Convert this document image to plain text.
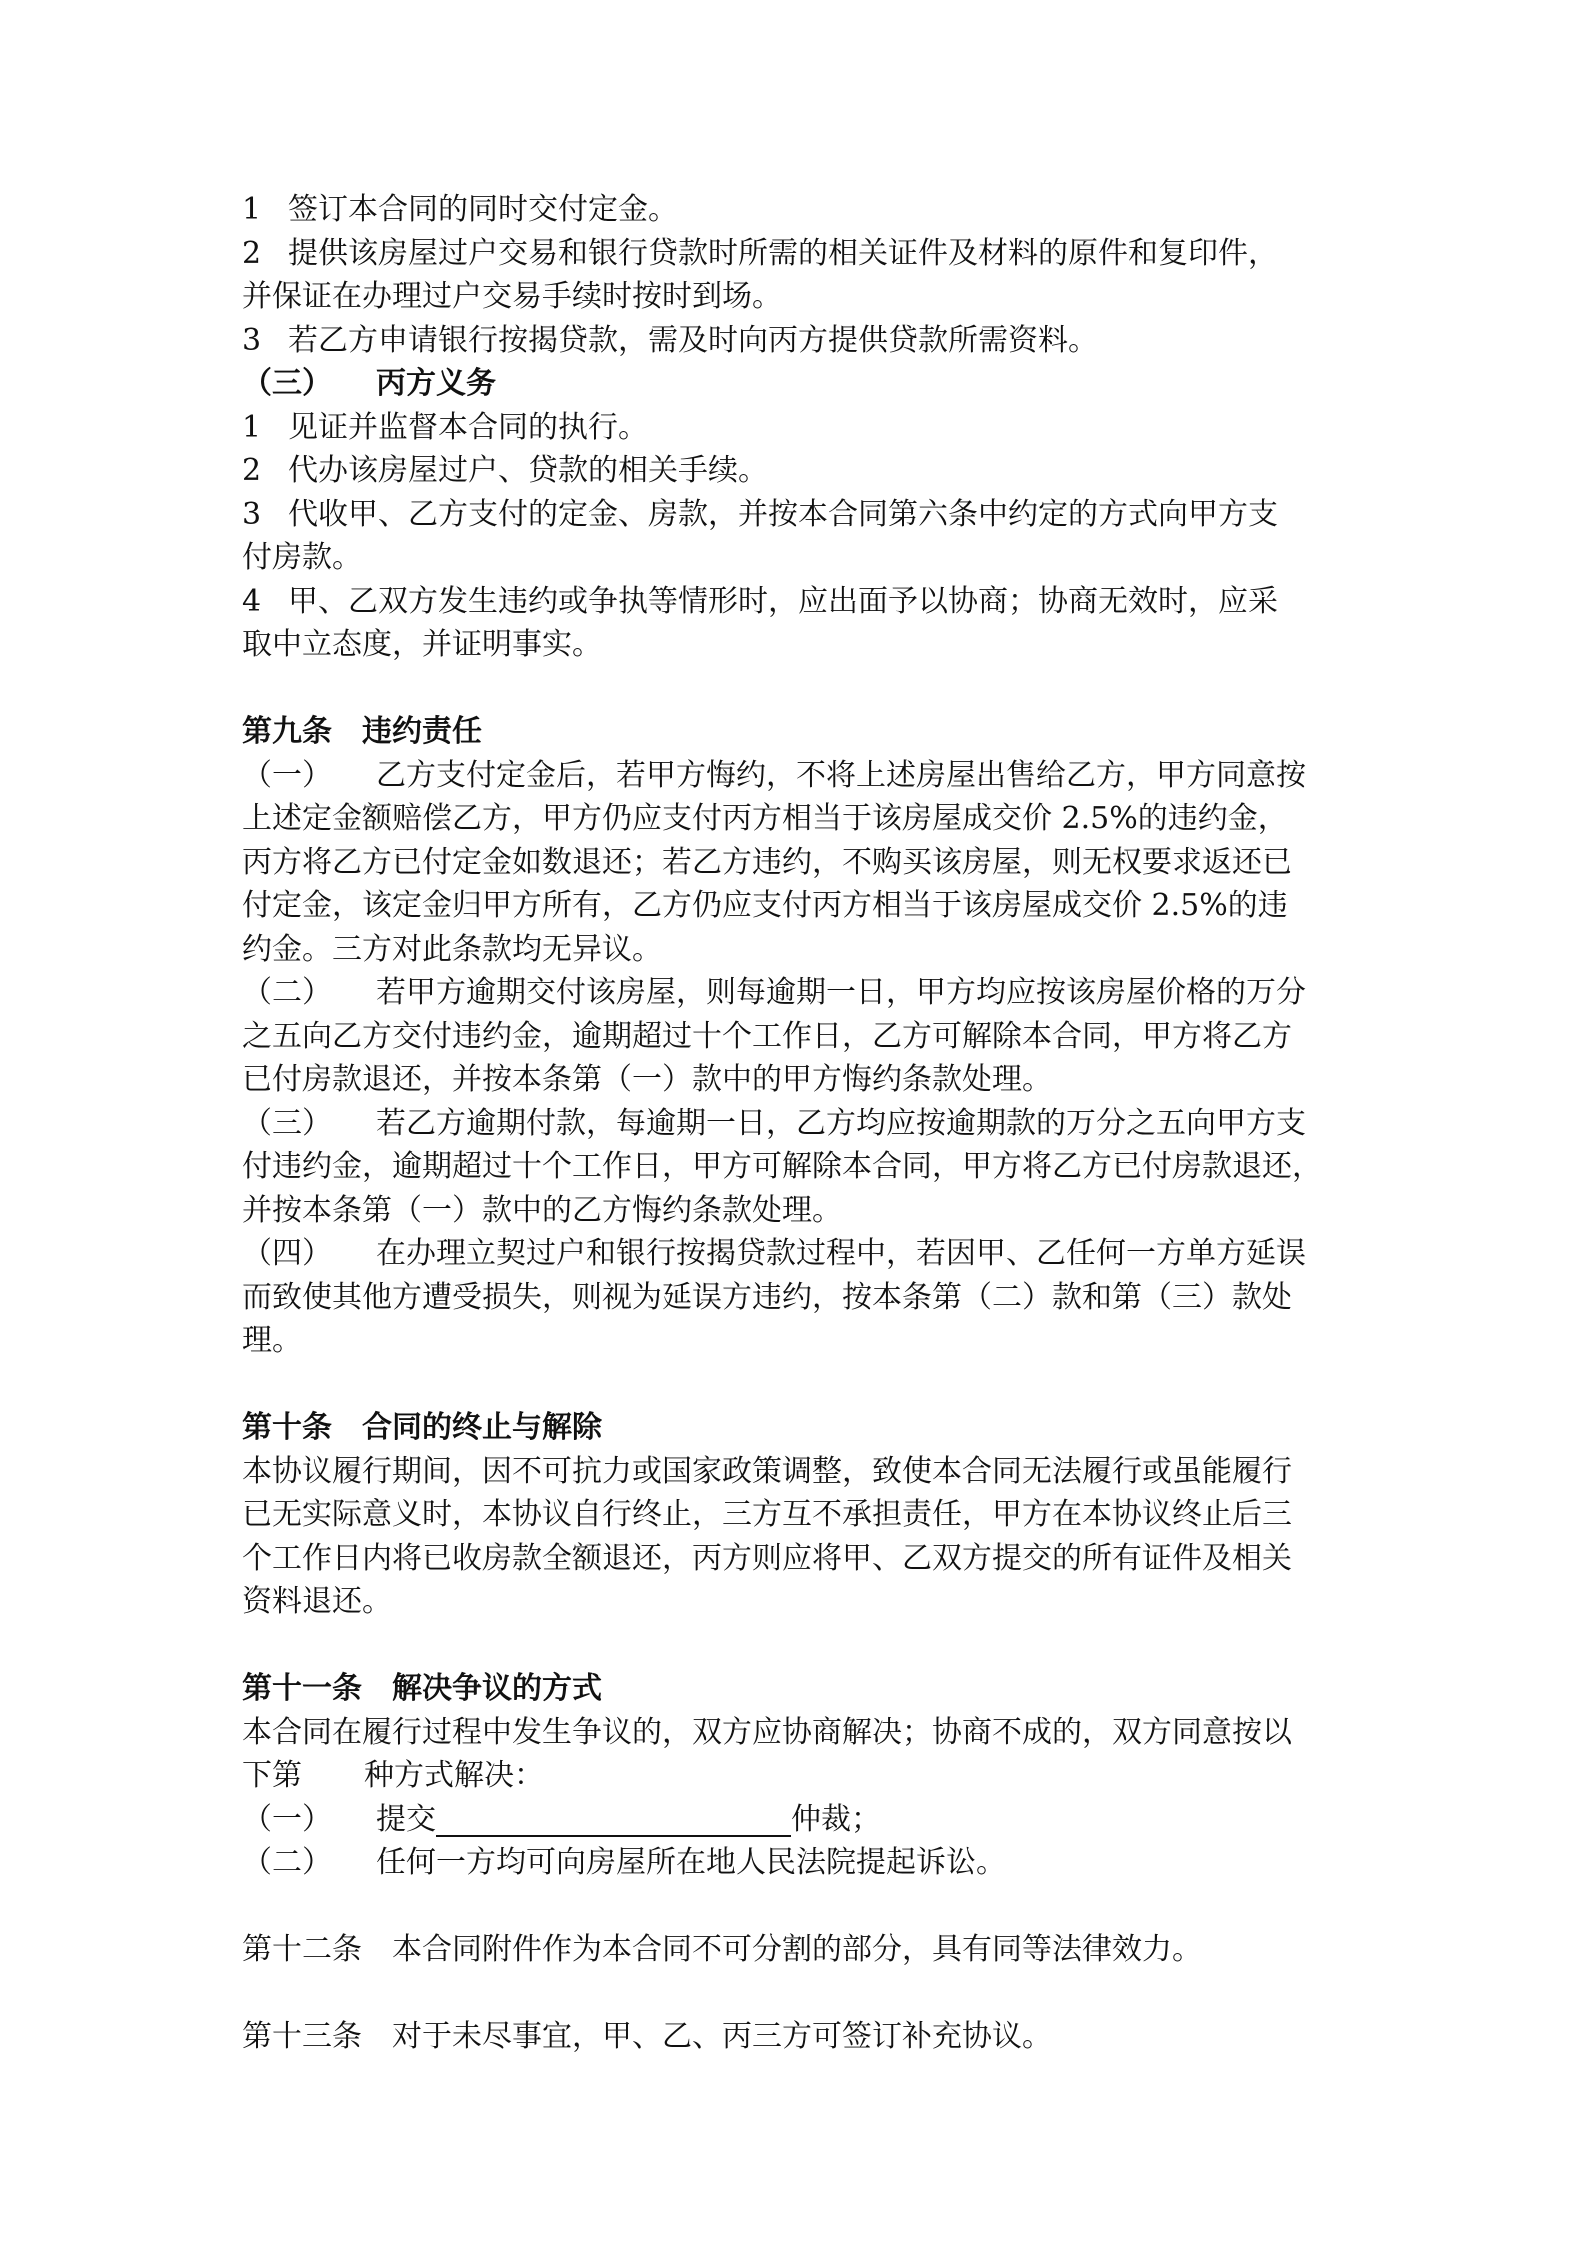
1 签订本合同的同时交付定金。
2 提供该房屋过户交易和银行贷款时所需的相关证件及材料的原件和复印件，
并保证在办理过户交易手续时按时到场。
3 若乙方申请银行按揭贷款，需及时向丙方提供贷款所需资料。
（三） 丙方义务
1 见证并监督本合同的执行。
2 代办该房屋过户、贷款的相关手续。
3 代收甲、乙方支付的定金、房款，并按本合同第六条中约定的方式向甲方支
付房款。
4 甲、乙双方发生违约或争执等情形时，应出面予以协商；协商无效时，应采
取中立态度，并证明事实。
第九条 违约责任
（一） 乙方支付定金后，若甲方悔约，不将上述房屋出售给乙方，甲方同意按
上述定金额赔偿乙方，甲方仍应支付丙方相当于该房屋成交价 2.5%的违约金，
丙方将乙方已付定金如数退还；若乙方违约，不购买该房屋，则无权要求返还已
付定金，该定金归甲方所有，乙方仍应支付丙方相当于该房屋成交价 2.5%的违
约金。三方对此条款均无异议。
（二） 若甲方逾期交付该房屋，则每逾期一日，甲方均应按该房屋价格的万分
之五向乙方交付违约金，逾期超过十个工作日，乙方可解除本合同，甲方将乙方
已付房款退还，并按本条第（一）款中的甲方悔约条款处理。
（三） 若乙方逾期付款，每逾期一日，乙方均应按逾期款的万分之五向甲方支
付违约金，逾期超过十个工作日，甲方可解除本合同，甲方将乙方已付房款退还，
并按本条第（一）款中的乙方悔约条款处理。
（四） 在办理立契过户和银行按揭贷款过程中，若因甲、乙任何一方单方延误
而致使其他方遭受损失，则视为延误方违约，按本条第（二）款和第（三）款处
理。
第十条 合同的终止与解除
本协议履行期间，因不可抗力或国家政策调整，致使本合同无法履行或虽能履行
已无实际意义时，本协议自行终止，三方互不承担责任，甲方在本协议终止后三
个工作日内将已收房款全额退还，丙方则应将甲、乙双方提交的所有证件及相关
资料退还。
第十一条 解决争议的方式
本合同在履行过程中发生争议的，双方应协商解决；协商不成的，双方同意按以
下第 种方式解决：
（一） 提交	仲裁；
（二） 任何一方均可向房屋所在地人民法院提起诉讼。
第十二条 本合同附件作为本合同不可分割的部分，具有同等法律效力。
第十三条 对于未尽事宜，甲、乙、丙三方可签订补充协议。
